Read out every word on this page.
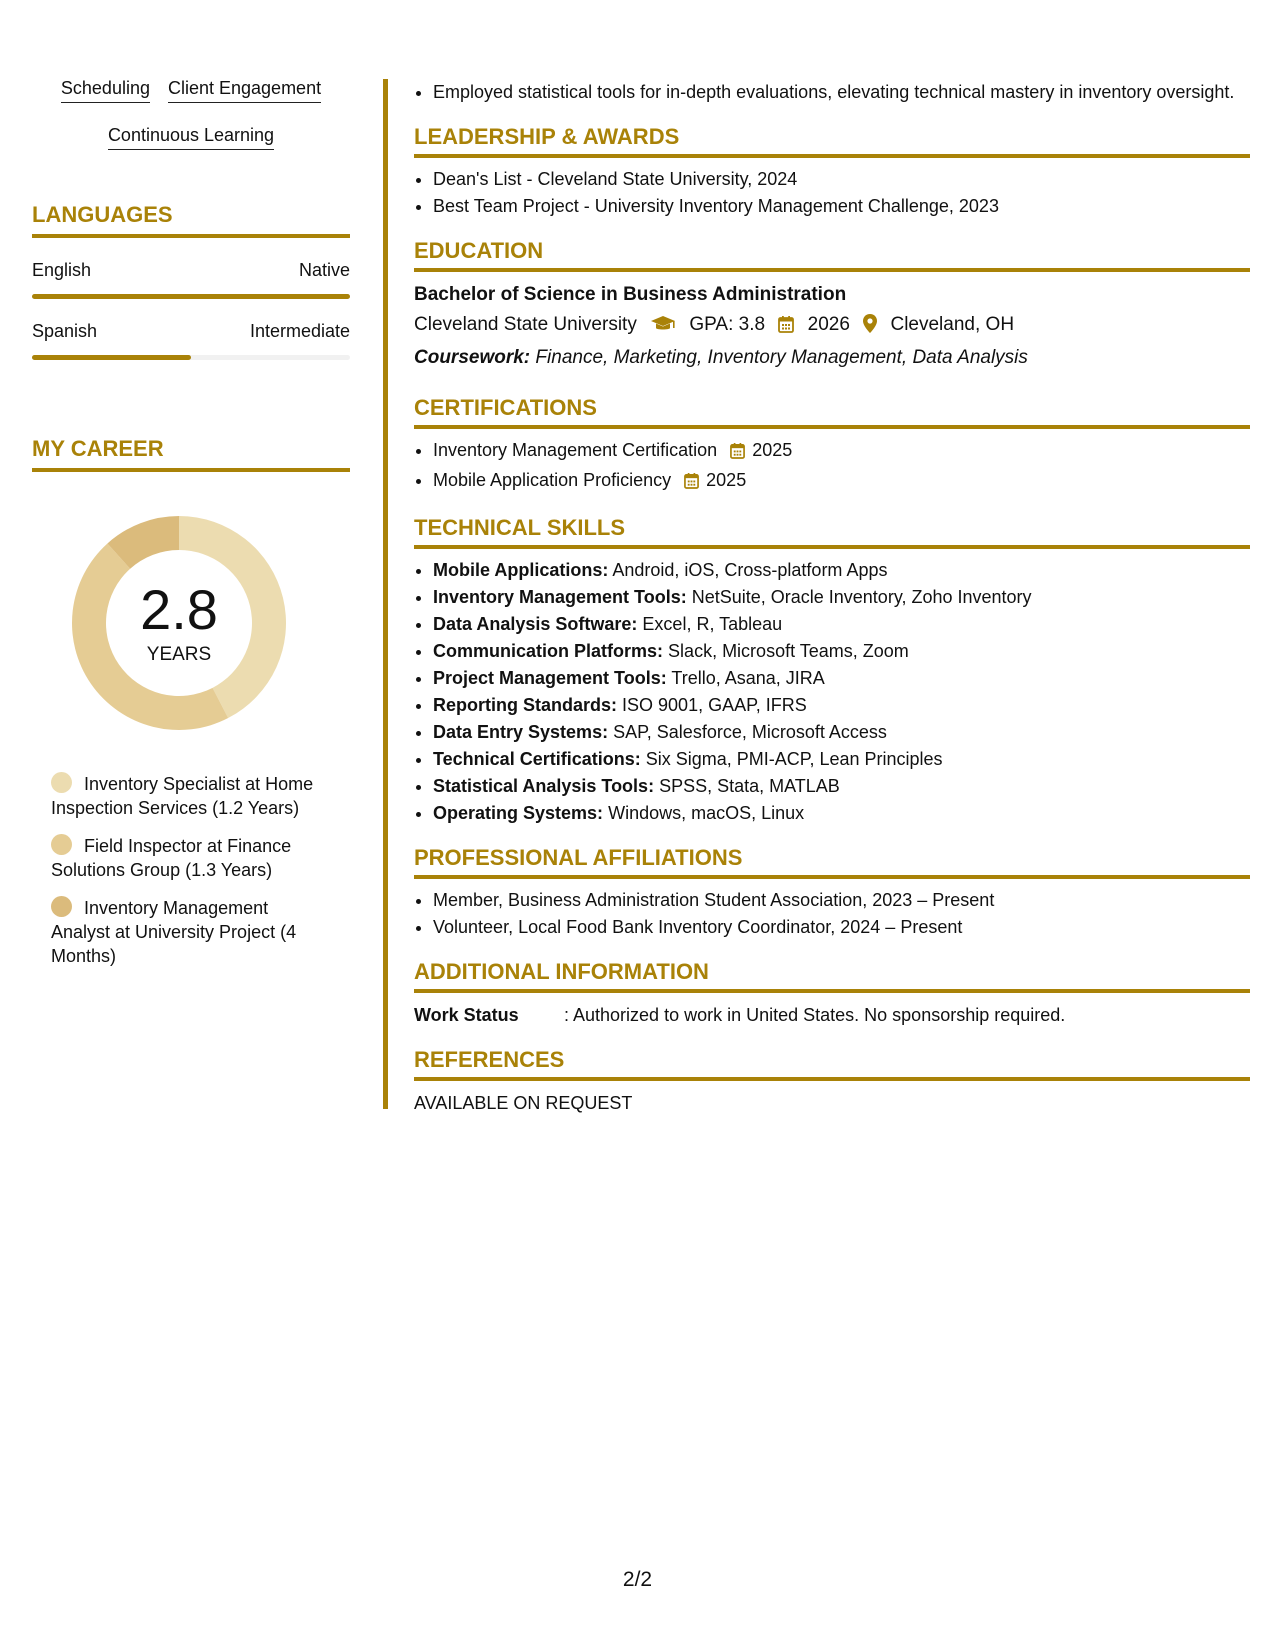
Scheduling Client Engagement
Continuous Learning
LANGUAGES
English	Native
Spanish	Intermediate
MY CAREER
2.8
YEARS
Inventory Specialist at Home Inspection Services (1.2 Years)
Field Inspector at Finance Solutions Group (1.3 Years)
Inventory Management Analyst at University Project (4 Months)
• Employed statistical tools for in-depth evaluations, elevating technical mastery in inventory oversight.
LEADERSHIP & AWARDS
• Dean's List - Cleveland State University, 2024
• Best Team Project - University Inventory Management Challenge, 2023
EDUCATION
Bachelor of Science in Business Administration
Cleveland State University	GPA: 3.8 2026 Cleveland, OH
Coursework: Finance, Marketing, Inventory Management, Data Analysis
CERTIFICATIONS
• Inventory Management Certification 2025
• Mobile Application Proficiency 2025
TECHNICAL SKILLS
• Mobile Applications: Android, iOS, Cross-platform Apps
• Inventory Management Tools: NetSuite, Oracle Inventory, Zoho Inventory
• Data Analysis Software: Excel, R, Tableau
• Communication Platforms: Slack, Microsoft Teams, Zoom
• Project Management Tools: Trello, Asana, JIRA
• Reporting Standards: ISO 9001, GAAP, IFRS
• Data Entry Systems: SAP, Salesforce, Microsoft Access
• Technical Certifications: Six Sigma, PMI-ACP, Lean Principles
• Statistical Analysis Tools: SPSS, Stata, MATLAB
• Operating Systems: Windows, macOS, Linux
PROFESSIONAL AFFILIATIONS
• Member, Business Administration Student Association, 2023 – Present
• Volunteer, Local Food Bank Inventory Coordinator, 2024 – Present
ADDITIONAL INFORMATION
Work Status	: Authorized to work in United States. No sponsorship required.
REFERENCES
AVAILABLE ON REQUEST
2/2
